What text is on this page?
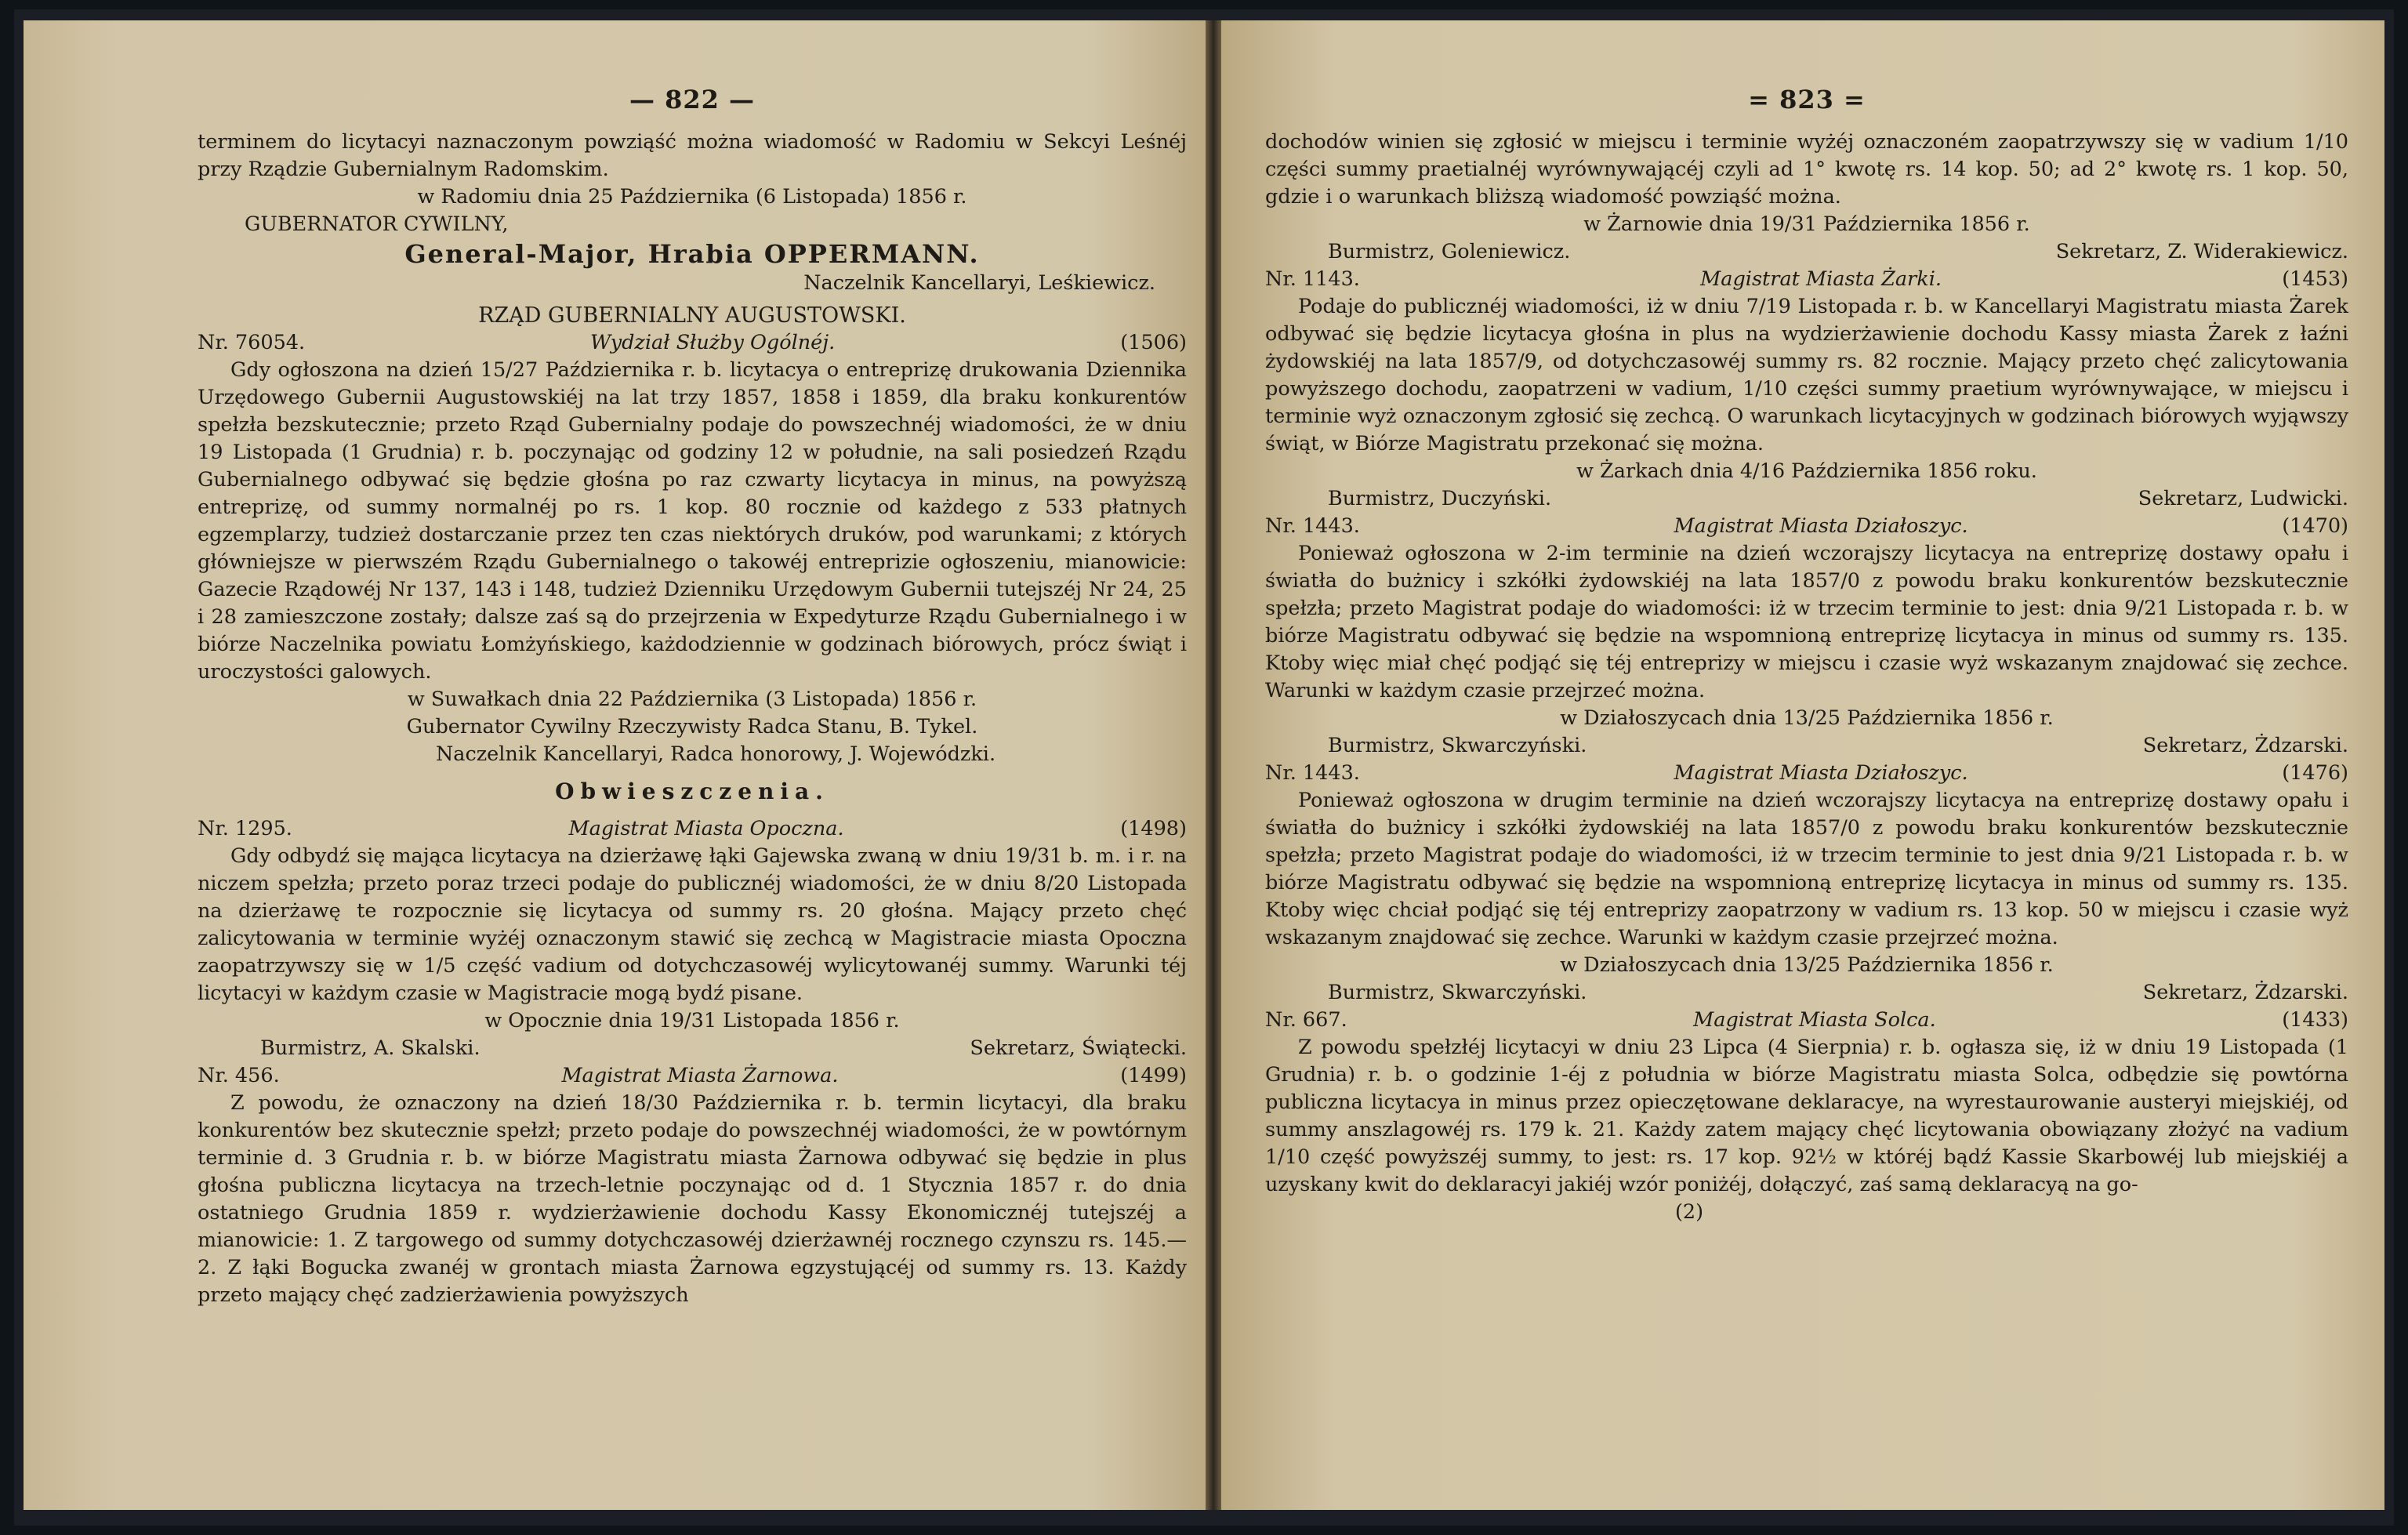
— 822 —

terminem do licytacyi naznaczonym powziąść można wiadomość w Radomiu w Sekcyi Leśnéj przy Rządzie Gubernialnym Radomskim.

w Radomiu dnia 25 Października (6 Listopada) 1856 r.

GUBERNATOR CYWILNY,

General-Major, Hrabia OPPERMANN.

Naczelnik Kancellaryi, Leśkiewicz.

RZĄD GUBERNIALNY AUGUSTOWSKI.

Nr. 76054.	Wydział Służby Ogólnéj.	(1506)

Gdy ogłoszona na dzień 15/27 Października r. b. licytacya o entreprizę drukowania Dziennika Urzędowego Gubernii Augustowskiéj na lat trzy 1857, 1858 i 1859, dla braku konkurentów spełzła bezskutecznie; przeto Rząd Gubernialny podaje do powszechnéj wiadomości, że w dniu 19 Listopada (1 Grudnia) r. b. poczynając od godziny 12 w południe, na sali posiedzeń Rządu Gubernialnego odbywać się będzie głośna po raz czwarty licytacya in minus, na powyższą entreprizę, od summy normalnéj po rs. 1 kop. 80 rocznie od każdego z 533 płatnych egzemplarzy, tudzież dostarczanie przez ten czas niektórych druków, pod warunkami; z których główniejsze w pierwszém Rządu Gubernialnego o takowéj entreprizie ogłoszeniu, mianowicie: Gazecie Rządowéj Nr 137, 143 i 148, tudzież Dzienniku Urzędowym Gubernii tutejszéj Nr 24, 25 i 28 zamieszczone zostały; dalsze zaś są do przejrzenia w Expedyturze Rządu Gubernialnego i w biórze Naczelnika powiatu Łomżyńskiego, każdodziennie w godzinach biórowych, prócz świąt i uroczystości galowych.

w Suwałkach dnia 22 Października (3 Listopada) 1856 r.

Gubernator Cywilny Rzeczywisty Radca Stanu, B. Tykel.

Naczelnik Kancellaryi, Radca honorowy, J. Wojewódzki.

Obwieszczenia.
Nr. 1295.	Magistrat Miasta Opoczna.	(1498)

Gdy odbydź się mająca licytacya na dzierżawę łąki Gajewska zwaną w dniu 19/31 b. m. i r. na niczem spełzła; przeto poraz trzeci podaje do publicznéj wiadomości, że w dniu 8/20 Listopada na dzierżawę te rozpocznie się licytacya od summy rs. 20 głośna. Mający przeto chęć zalicytowania w terminie wyżéj oznaczonym stawić się zechcą w Magistracie miasta Opoczna zaopatrzywszy się w 1/5 część vadium od dotychczasowéj wylicytowanéj summy. Warunki téj licytacyi w każdym czasie w Magistracie mogą bydź pisane.

w Opocznie dnia 19/31 Listopada 1856 r.

Burmistrz, A. Skalski.	Sekretarz, Świątecki.
Nr. 456.	Magistrat Miasta Żarnowa.	(1499)

Z powodu, że oznaczony na dzień 18/30 Października r. b. termin licytacyi, dla braku konkurentów bez skutecznie spełzł; przeto podaje do powszechnéj wiadomości, że w powtórnym terminie d. 3 Grudnia r. b. w biórze Magistratu miasta Żarnowa odbywać się będzie in plus głośna publiczna licytacya na trzech-letnie poczynając od d. 1 Stycznia 1857 r. do dnia ostatniego Grudnia 1859 r. wydzierżawienie dochodu Kassy Ekonomicznéj tutejszéj a mianowicie: 1. Z targowego od summy dotychczasowéj dzierżawnéj rocznego czynszu rs. 145.—2. Z łąki Bogucka zwanéj w grontach miasta Żarnowa egzystującéj od summy rs. 13. Każdy przeto mający chęć zadzierżawienia powyższych

= 823 =

dochodów winien się zgłosić w miejscu i terminie wyżéj oznaczoném zaopatrzywszy się w vadium 1/10 części summy praetialnéj wyrównywającéj czyli ad 1° kwotę rs. 14 kop. 50; ad 2° kwotę rs. 1 kop. 50, gdzie i o warunkach bliższą wiadomość powziąść można.

w Żarnowie dnia 19/31 Października 1856 r.

Burmistrz, Goleniewicz.	Sekretarz, Z. Widerakiewicz.
Nr. 1143.	Magistrat Miasta Żarki.	(1453)

Podaje do publicznéj wiadomości, iż w dniu 7/19 Listopada r. b. w Kancellaryi Magistratu miasta Żarek odbywać się będzie licytacya głośna in plus na wydzierżawienie dochodu Kassy miasta Żarek z łaźni żydowskiéj na lata 1857/9, od dotychczasowéj summy rs. 82 rocznie. Mający przeto chęć zalicytowania powyższego dochodu, zaopatrzeni w vadium, 1/10 części summy praetium wyrównywające, w miejscu i terminie wyż oznaczonym zgłosić się zechcą. O warunkach licytacyjnych w godzinach biórowych wyjąwszy świąt, w Biórze Magistratu przekonać się można.

w Żarkach dnia 4/16 Października 1856 roku.

Burmistrz, Duczyński.	Sekretarz, Ludwicki.
Nr. 1443.	Magistrat Miasta Działoszyc.	(1470)

Ponieważ ogłoszona w 2-im terminie na dzień wczorajszy licytacya na entreprizę dostawy opału i światła do bużnicy i szkółki żydowskiéj na lata 1857/0 z powodu braku konkurentów bezskutecznie spełzła; przeto Magistrat podaje do wiadomości: iż w trzecim terminie to jest: dnia 9/21 Listopada r. b. w biórze Magistratu odbywać się będzie na wspomnioną entreprizę licytacya in minus od summy rs. 135. Ktoby więc miał chęć podjąć się téj entreprizy w miejscu i czasie wyż wskazanym znajdować się zechce. Warunki w każdym czasie przejrzeć można.

w Działoszycach dnia 13/25 Października 1856 r.

Burmistrz, Skwarczyński.	Sekretarz, Żdzarski.
Nr. 1443.	Magistrat Miasta Działoszyc.	(1476)

Ponieważ ogłoszona w drugim terminie na dzień wczorajszy licytacya na entreprizę dostawy opału i światła do bużnicy i szkółki żydowskiéj na lata 1857/0 z powodu braku konkurentów bezskutecznie spełzła; przeto Magistrat podaje do wiadomości, iż w trzecim terminie to jest dnia 9/21 Listopada r. b. w biórze Magistratu odbywać się będzie na wspomnioną entreprizę licytacya in minus od summy rs. 135. Ktoby więc chciał podjąć się téj entreprizy zaopatrzony w vadium rs. 13 kop. 50 w miejscu i czasie wyż wskazanym znajdować się zechce. Warunki w każdym czasie przejrzeć można.

w Działoszycach dnia 13/25 Października 1856 r.

Burmistrz, Skwarczyński.	Sekretarz, Żdzarski.
Nr. 667.	Magistrat Miasta Solca.	(1433)

Z powodu spełzłéj licytacyi w dniu 23 Lipca (4 Sierpnia) r. b. ogłasza się, iż w dniu 19 Listopada (1 Grudnia) r. b. o godzinie 1-éj z południa w biórze Magistratu miasta Solca, odbędzie się powtórna publiczna licytacya in minus przez opieczętowane deklaracye, na wyrestaurowanie austeryi miejskiéj, od summy anszlagowéj rs. 179 k. 21. Każdy zatem mający chęć licytowania obowiązany złożyć na vadium 1/10 część powyższéj summy, to jest: rs. 17 kop. 92½ w któréj bądź Kassie Skarbowéj lub miejskiéj a uzyskany kwit do deklaracyi jakiéj wzór poniżéj, dołączyć, zaś samą deklaracyą na go-

(2)
